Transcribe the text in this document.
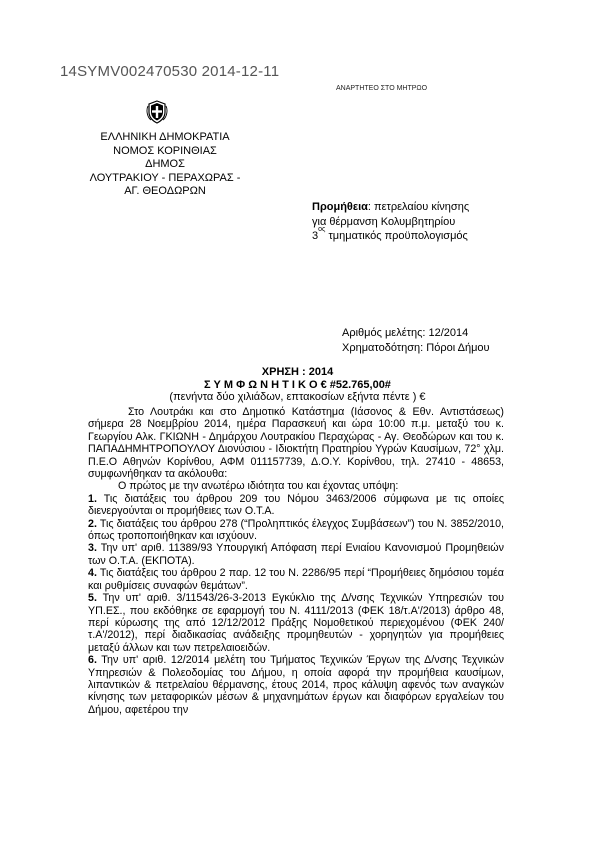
14SYMV002470530 2014-12-11
ΑΝΑΡΤΗΤΕΟ ΣΤΟ ΜΗΤΡΩΟ
ΕΛΛΗΝΙΚΗ ΔΗΜΟΚΡΑΤΙΑ
ΝΟΜΟΣ ΚΟΡΙΝΘΙΑΣ
ΔΗΜΟΣ
ΛΟΥΤΡΑΚΙΟΥ - ΠΕΡΑΧΩΡΑΣ -
ΑΓ. ΘΕΟΔΩΡΩΝ
Προμήθεια: πετρελαίου κίνησης
για θέρμανση Κολυμβητηρίου
$3^{o\varsigma}$ τμηματικός προϋπολογισμός
Αριθμός μελέτης: 12/2014
Χρηματοδότηση: Πόροι Δήμου
ΧΡΗΣΗ : 2014
Σ Υ Μ Φ Ω Ν Η Τ Ι Κ Ο € #52.765,00#
(πενήντα δύο χιλιάδων, επτακοσίων εξήντα πέντε ) €

Στο Λουτράκι και στο Δημοτικό Κατάστημα (Ιάσονος & Εθν. Αντιστάσεως) σήμερα 28 Νοεμβρίου 2014, ημέρα Παρασκευή και ώρα 10:00 π.μ. μεταξύ του κ. Γεωργίου Αλκ. ΓΚΙΩΝΗ - Δημάρχου Λουτρακίου Περαχώρας - Αγ. Θεοδώρων και του κ. ΠΑΠΑΔΗΜΗΤΡΟΠΟΥΛΟΥ Διονύσιου - Ιδιοκτήτη Πρατηρίου Υγρών Καυσίμων, 72° χλμ. Π.Ε.Ο Αθηνών Κορίνθου, ΑΦΜ 011157739, Δ.Ο.Υ. Κορίνθου, τηλ. 27410 - 48653, συμφωνήθηκαν τα ακόλουθα:

Ο πρώτος με την ανωτέρω ιδιότητα του και έχοντας υπόψη:

1. Τις διατάξεις του άρθρου 209 του Νόμου 3463/2006 σύμφωνα με τις οποίες διενεργούνται οι προμήθειες των Ο.Τ.Α.

2. Τις διατάξεις του άρθρου 278 (“Προληπτικός έλεγχος Συμβάσεων”) του Ν. 3852/2010, όπως τροποποιήθηκαν και ισχύουν.

3. Την υπ' αριθ. 11389/93 Υπουργική Απόφαση περί Ενιαίου Κανονισμού Προμηθειών των Ο.Τ.Α. (ΕΚΠΟΤΑ).

4. Τις διατάξεις του άρθρου 2 παρ. 12 του Ν. 2286/95 περί “Προμήθειες δημόσιου τομέα και ρυθμίσεις συναφών θεμάτων”.

5. Την υπ' αριθ. 3/11543/26-3-2013 Εγκύκλιο της Δ/νσης Τεχνικών Υπηρεσιών του ΥΠ.ΕΣ., που εκδόθηκε σε εφαρμογή του Ν. 4111/2013 (ΦΕΚ 18/τ.Α'/2013) άρθρο 48, περί κύρωσης της από 12/12/2012 Πράξης Νομοθετικού περιεχομένου (ΦΕΚ 240/τ.Α'/2012), περί διαδικασίας ανάδειξης προμηθευτών - χορηγητών για προμήθειες μεταξύ άλλων και των πετρελαιοειδών.

6. Την υπ' αριθ. 12/2014 μελέτη του Τμήματος Τεχνικών Έργων της Δ/νσης Τεχνικών Υπηρεσιών & Πολεοδομίας του Δήμου, η οποία αφορά την προμήθεια καυσίμων, λιπαντικών & πετρελαίου θέρμανσης, έτους 2014, προς κάλυψη αφενός των αναγκών κίνησης των μεταφορικών μέσων & μηχανημάτων έργων και διαφόρων εργαλείων του Δήμου, αφετέρου την
